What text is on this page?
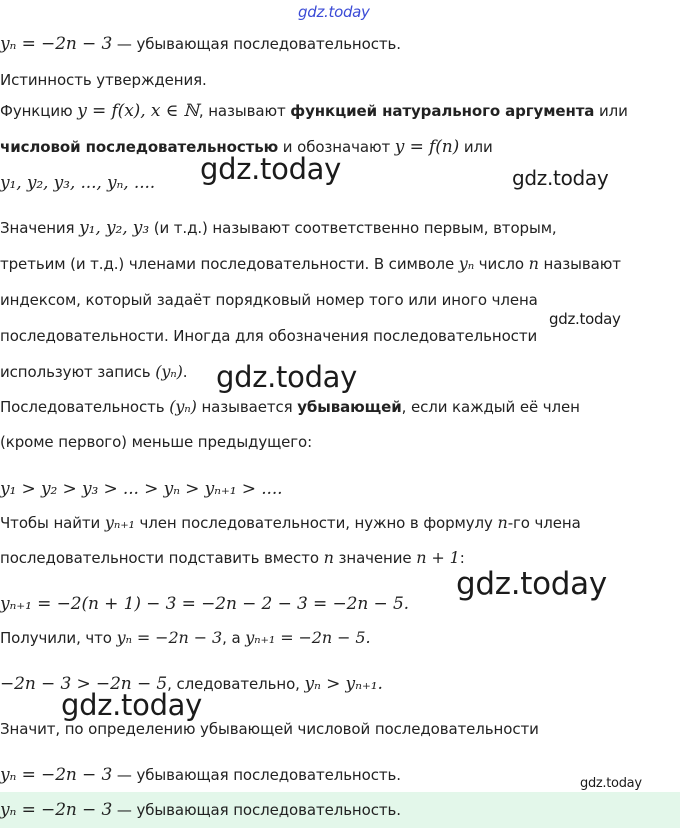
yₙ = −2n − 3 — убывающая последовательность.
Истинность утверждения.
Функцию y = f(x), x ∈ ℕ, называют функцией натурального аргумента или
числовой последовательностью и обозначают y = f(n) или
y₁, y₂, y₃, ..., yₙ, ....
Значения y₁, y₂, y₃ (и т.д.) называют соответственно первым, вторым,
третьим (и т.д.) членами последовательности. В символе yₙ число n называют
индексом, который задаёт порядковый номер того или иного члена
последовательности. Иногда для обозначения последовательности
используют запись (yₙ).
Последовательность (yₙ) называется убывающей, если каждый её член
(кроме первого) меньше предыдущего:
y₁ > y₂ > y₃ > ... > yₙ > yₙ₊₁ > ....
Чтобы найти yₙ₊₁ член последовательности, нужно в формулу n-го члена
последовательности подставить вместо n значение n + 1:
yₙ₊₁ = −2(n + 1) − 3 = −2n − 2 − 3 = −2n − 5.
Получили, что yₙ = −2n − 3, а yₙ₊₁ = −2n − 5.
−2n − 3 > −2n − 5, следовательно, yₙ > yₙ₊₁.
Значит, по определению убывающей числовой последовательности
yₙ = −2n − 3 — убывающая последовательность.
yₙ = −2n − 3 — убывающая последовательность.
gdz.today
gdz.today	gdz.today
gdz.today
gdz.today
gdz.today
gdz.today
gdz.today
